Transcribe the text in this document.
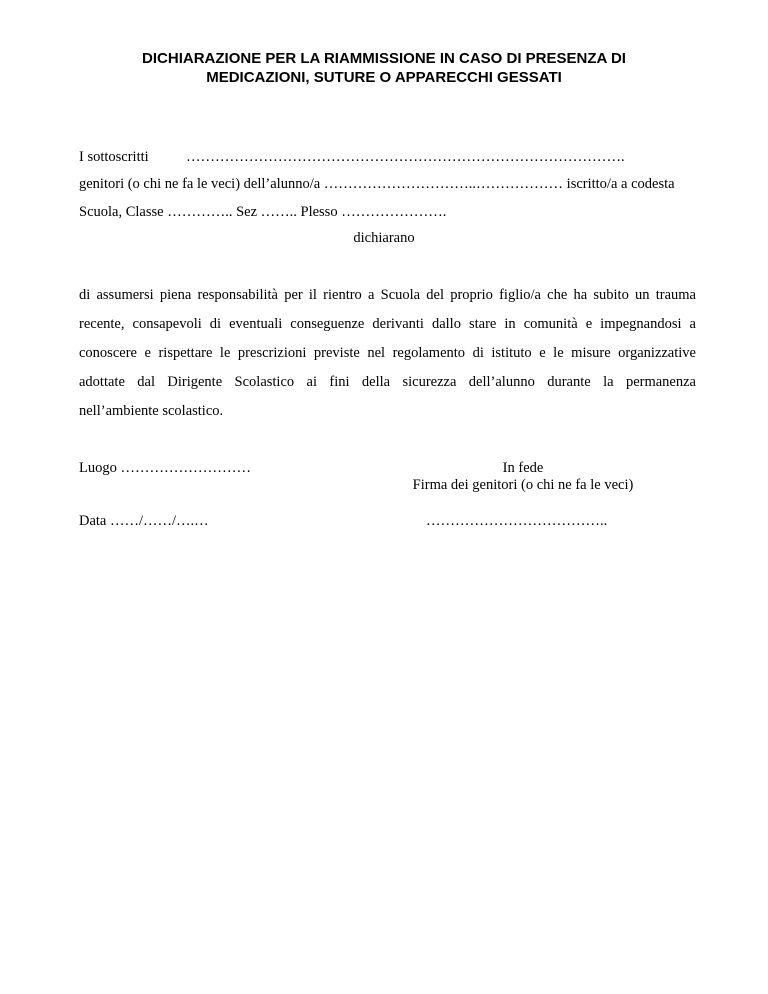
DICHIARAZIONE PER LA RIAMMISSIONE IN CASO DI PRESENZA DI

MEDICAZIONI, SUTURE O APPARECCHI GESSATI

I sottoscritti	……………………………………………………………………………….
genitori (o chi ne fa le veci) dell’alunno/a …………………………..……………… iscritto/a a codesta
Scuola, Classe ………….. Sez …….. Plesso ………………….
dichiarano
di assumersi piena responsabilità per il rientro a Scuola del proprio figlio/a che ha subito un trauma
recente, consapevoli di eventuali conseguenze derivanti dallo stare in comunità e impegnandosi a
conoscere e rispettare le prescrizioni previste nel regolamento di istituto e le misure organizzative
adottate dal Dirigente Scolastico ai fini della sicurezza dell’alunno durante la permanenza
nell’ambiente scolastico.
Luogo ………………………	In fede
Firma dei genitori (o chi ne fa le veci)
Data ……/……/….…	………………………………..
